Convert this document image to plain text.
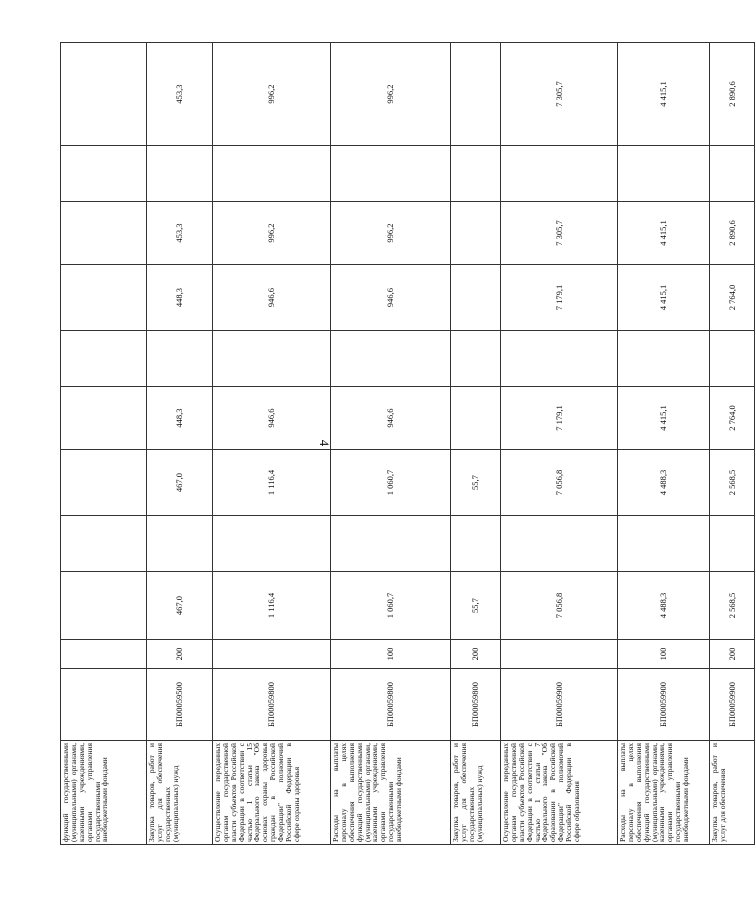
4
функций государственными (муниципальными) органами, казенными учреждениями, органами управления государственными внебюджетными фондами											
Закупка товаров, работ и услуг для обеспечения государственных (муниципальных) нужд	БП00059500	200	467,0		467,0	448,3		448,3	453,3		453,3
Осуществление переданных органам государственной власти субъектов Российской Федерации в соответствии с частью 1 статьи 15 Федерального закона "Об основах охраны здоровья граждан в Российской Федерации" полномочий Российской Федерации в сфере охраны здоровья	БП00059800		1 116,4		1 116,4	946,6		946,6	996,2		996,2
Расходы на выплаты персоналу в целях обеспечения выполнения функций государственными (муниципальными) органами, казенными учреждениями, органами управления государственными внебюджетными фондами	БП00059800	100	1 060,7		1 060,7	946,6		946,6	996,2		996,2
Закупка товаров, работ и услуг для обеспечения государственных (муниципальных) нужд	БП00059800	200	55,7		55,7						
Осуществление переданных органам государственной власти субъектов Российской Федерации в соответствии с частью 1 статьи 7 Федерального закона "Об образовании в Российской Федерации" полномочий Российской Федерации в сфере образования	БП00059900		7 056,8		7 056,8	7 179,1		7 179,1	7 305,7		7 305,7
Расходы на выплаты персоналу в целях обеспечения выполнения функций государственными (муниципальными) органами, казенными учреждениями, органами управления государственными внебюджетными фондами	БП00059900	100	4 488,3		4 488,3	4 415,1		4 415,1	4 415,1		4 415,1
Закупка товаров, работ и услуг для обеспечения	БП00059900	200	2 568,5		2 568,5	2 764,0		2 764,0	2 890,6		2 890,6
